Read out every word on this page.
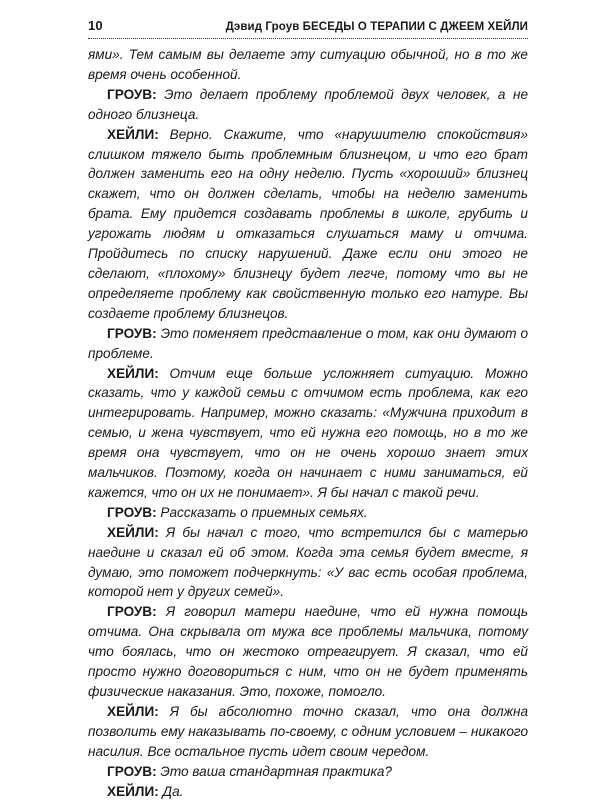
10	Дэвид Гроув БЕСЕДЫ О ТЕРАПИИ С ДЖЕЕМ ХЕЙЛИ

ями». Тем самым вы делаете эту ситуацию обычной, но в то же время очень особенной.

ГРОУВ: Это делает проблему проблемой двух человек, а не одного близнеца.

ХЕЙЛИ: Верно. Скажите, что «нарушителю спокойствия» слишком тяжело быть проблемным близнецом, и что его брат должен заменить его на одну неделю. Пусть «хороший» близнец скажет, что он должен сделать, чтобы на неделю заменить брата. Ему придется создавать проблемы в школе, грубить и угрожать людям и отказаться слушаться маму и отчима. Пройдитесь по списку нарушений. Даже если они этого не сделают, «плохому» близнецу будет легче, потому что вы не определяете проблему как свойственную только его натуре. Вы создаете проблему близнецов.

ГРОУВ: Это поменяет представление о том, как они думают о проблеме.

ХЕЙЛИ: Отчим еще больше усложняет ситуацию. Можно сказать, что у каждой семьи с отчимом есть проблема, как его интегрировать. Например, можно сказать: «Мужчина приходит в семью, и жена чувствует, что ей нужна его помощь, но в то же время она чувствует, что он не очень хорошо знает этих мальчиков. Поэтому, когда он начинает с ними заниматься, ей кажется, что он их не понимает». Я бы начал с такой речи.

ГРОУВ: Рассказать о приемных семьях.

ХЕЙЛИ: Я бы начал с того, что встретился бы с матерью наедине и сказал ей об этом. Когда эта семья будет вместе, я думаю, это поможет подчеркнуть: «У вас есть особая проблема, которой нет у других семей».

ГРОУВ: Я говорил матери наедине, что ей нужна помощь отчима. Она скрывала от мужа все проблемы мальчика, потому что боялась, что он жестоко отреагирует. Я сказал, что ей просто нужно договориться с ним, что он не будет применять физические наказания. Это, похоже, помогло.

ХЕЙЛИ: Я бы абсолютно точно сказал, что она должна позволить ему наказывать по-своему, с одним условием – никакого насилия. Все остальное пусть идет своим чередом.

ГРОУВ: Это ваша стандартная практика?

ХЕЙЛИ: Да.
